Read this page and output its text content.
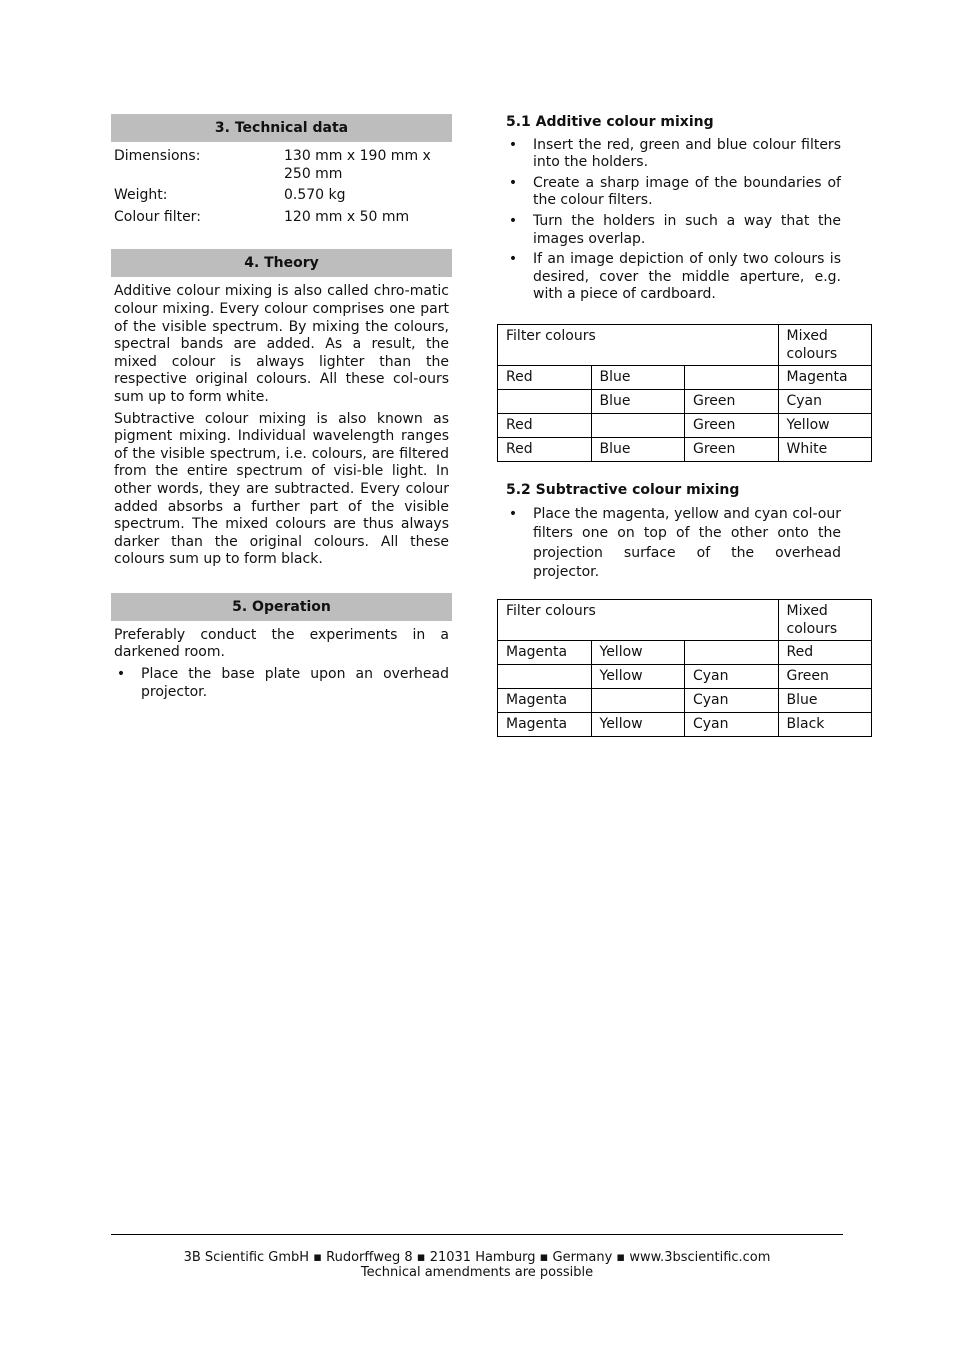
3. Technical data
Dimensions:	130 mm x 190 mm x 250 mm
Weight:	0.570 kg
Colour filter:	120 mm x 50 mm
4. Theory
Additive colour mixing is also called chro-matic colour mixing. Every colour comprises one part of the visible spectrum. By mixing the colours, spectral bands are added. As a result, the mixed colour is always lighter than the respective original colours. All these col-ours sum up to form white.
Subtractive colour mixing is also known as pigment mixing. Individual wavelength ranges of the visible spectrum, i.e. colours, are filtered from the entire spectrum of visi-ble light. In other words, they are subtracted. Every colour added absorbs a further part of the visible spectrum. The mixed colours are thus always darker than the original colours. All these colours sum up to form black.
5. Operation
Preferably conduct the experiments in a darkened room.
• Place the base plate upon an overhead projector.
5.1 Additive colour mixing
• Insert the red, green and blue colour filters into the holders.
• Create a sharp image of the boundaries of the colour filters.
• Turn the holders in such a way that the images overlap.
• If an image depiction of only two colours is desired, cover the middle aperture, e.g. with a piece of cardboard.
Filter colours			Mixed colours
Red	Blue		Magenta
	Blue	Green	Cyan
Red		Green	Yellow
Red	Blue	Green	White
5.2 Subtractive colour mixing
• Place the magenta, yellow and cyan col-our filters one on top of the other onto the projection surface of the overhead projector.
Filter colours			Mixed colours
Magenta	Yellow		Red
	Yellow	Cyan	Green
Magenta		Cyan	Blue
Magenta	Yellow	Cyan	Black
3B Scientific GmbH ▪ Rudorffweg 8 ▪ 21031 Hamburg ▪ Germany ▪ www.3bscientific.com
Technical amendments are possible
